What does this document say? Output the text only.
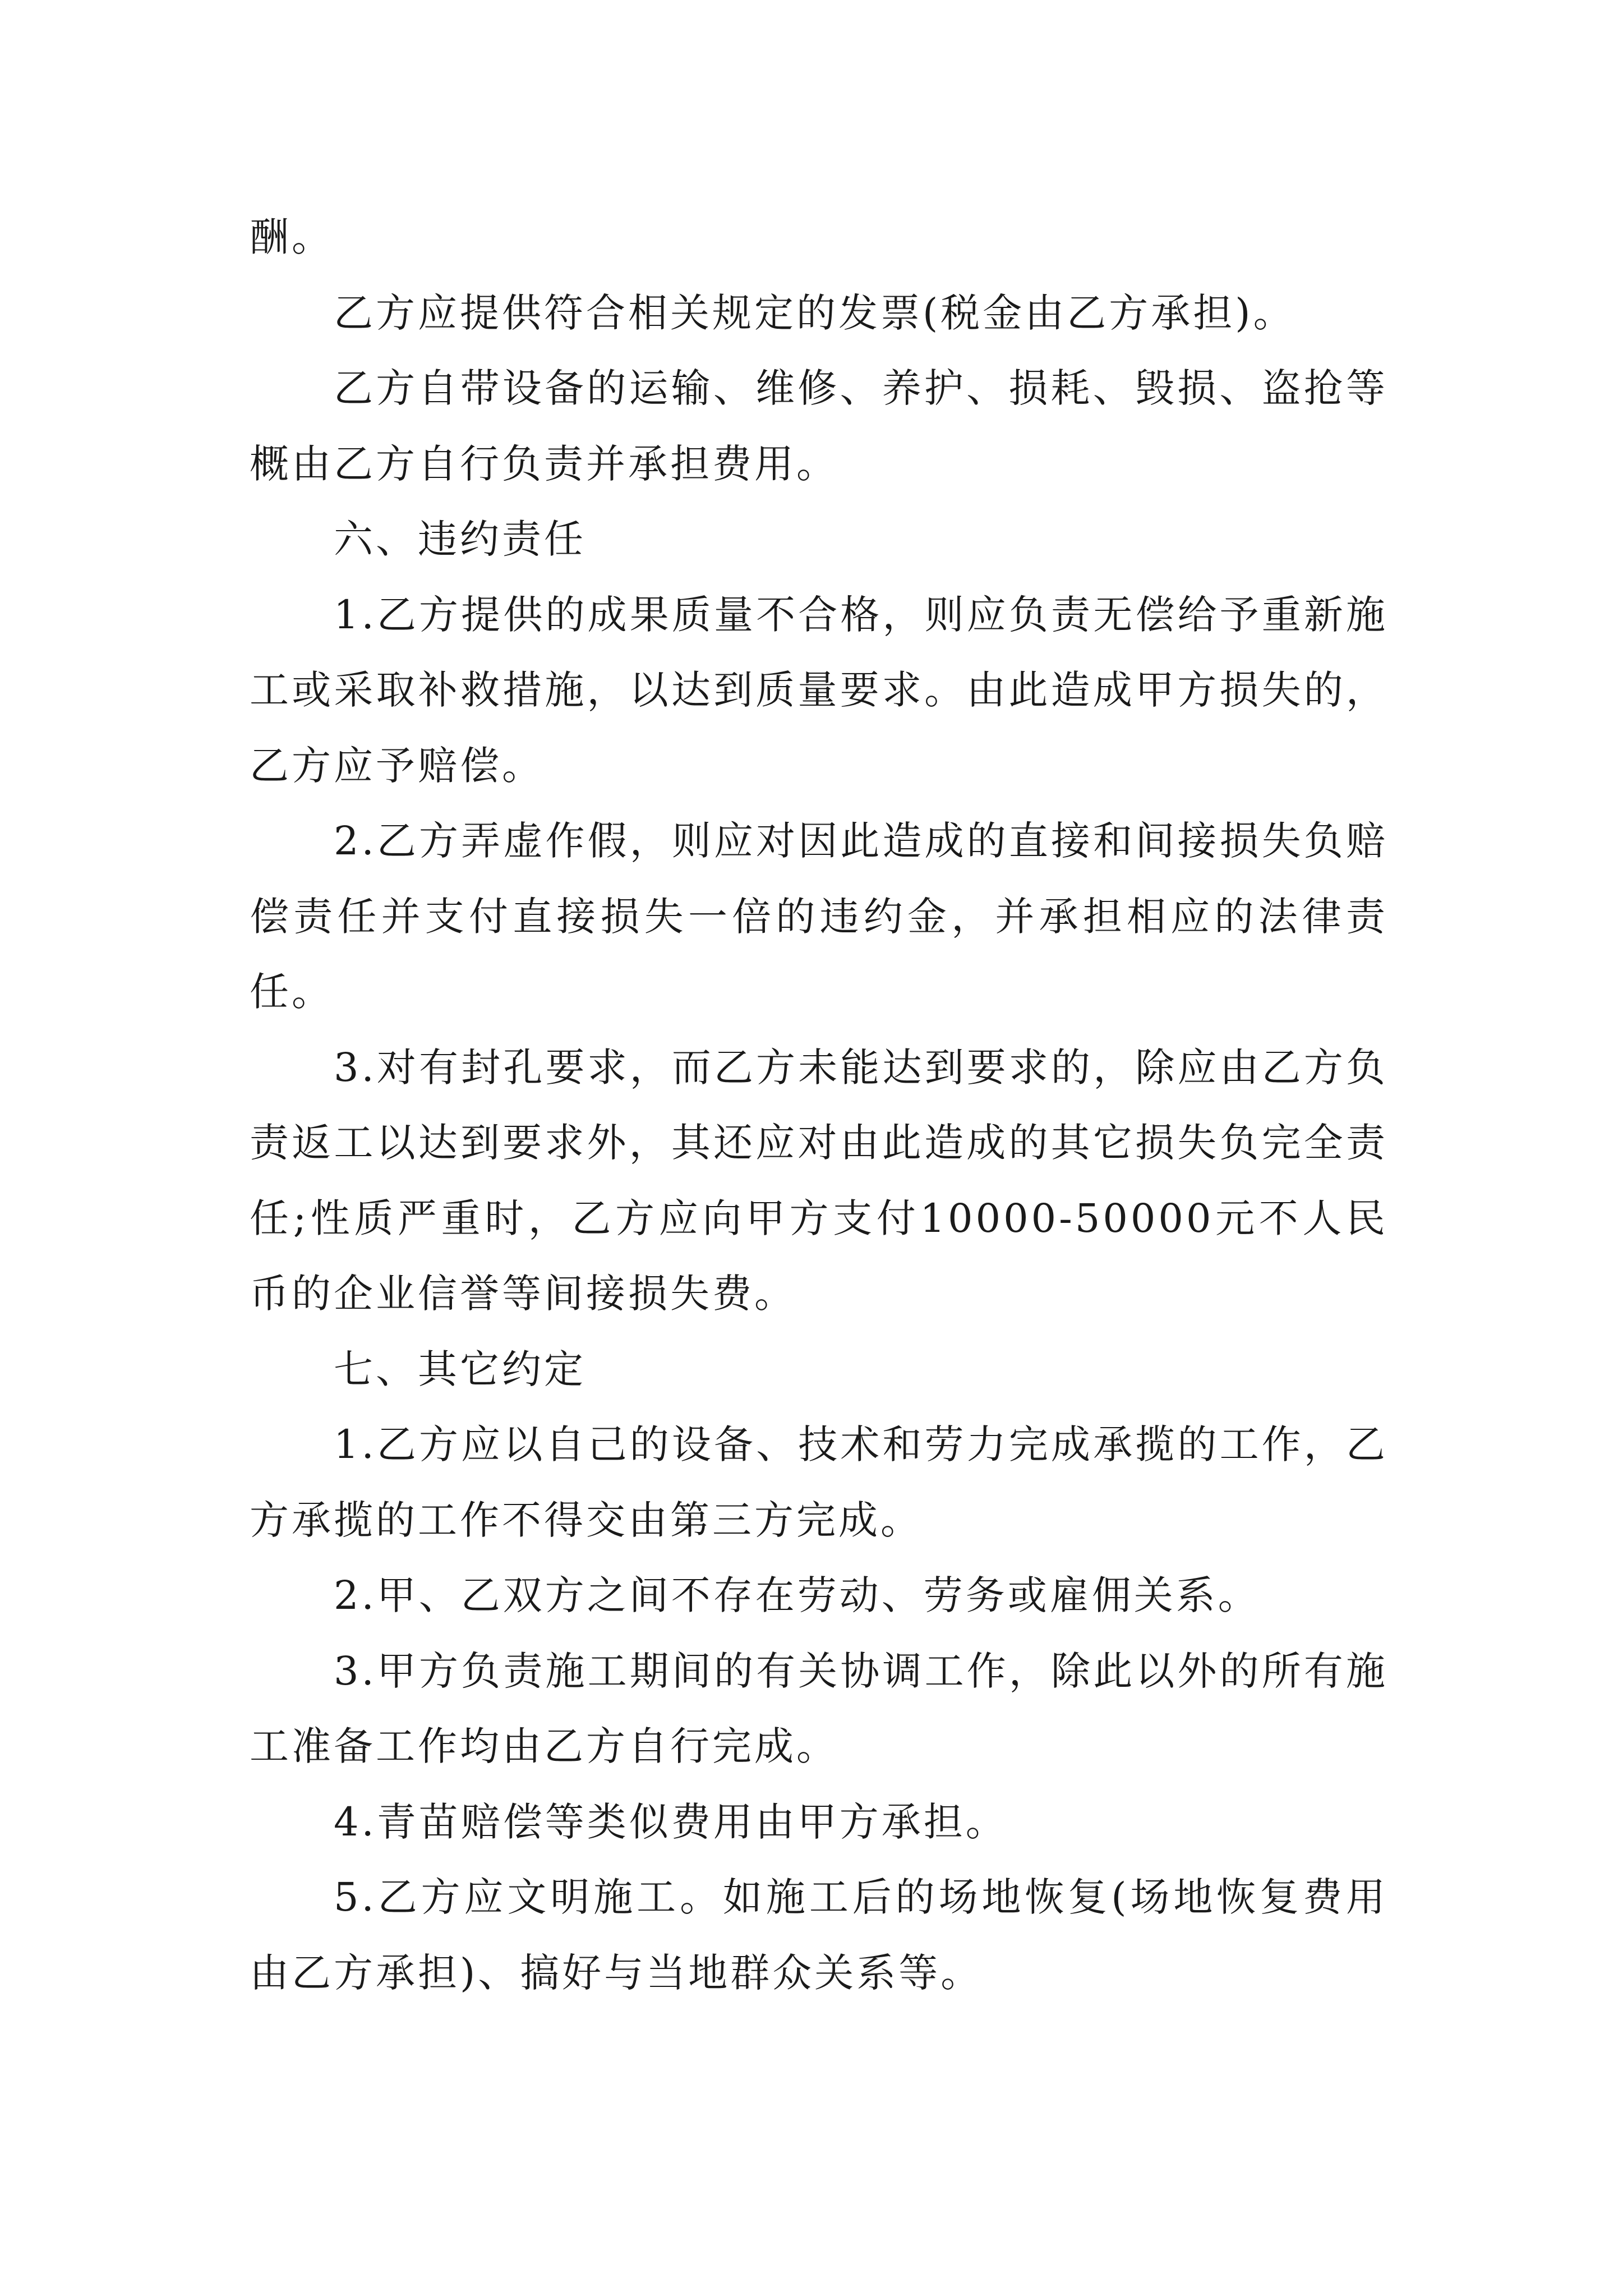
酬。

乙方应提供符合相关规定的发票(税金由乙方承担)。

乙方自带设备的运输、维修、养护、损耗、毁损、盗抢等概由乙方自行负责并承担费用。

六、违约责任

1.乙方提供的成果质量不合格，则应负责无偿给予重新施工或采取补救措施，以达到质量要求。由此造成甲方损失的，乙方应予赔偿。

2.乙方弄虚作假，则应对因此造成的直接和间接损失负赔偿责任并支付直接损失一倍的违约金，并承担相应的法律责任。

3.对有封孔要求，而乙方未能达到要求的，除应由乙方负责返工以达到要求外，其还应对由此造成的其它损失负完全责任;性质严重时，乙方应向甲方支付10000-50000元不人民币的企业信誉等间接损失费。

七、其它约定

1.乙方应以自己的设备、技术和劳力完成承揽的工作，乙方承揽的工作不得交由第三方完成。

2.甲、乙双方之间不存在劳动、劳务或雇佣关系。

3.甲方负责施工期间的有关协调工作，除此以外的所有施工准备工作均由乙方自行完成。

4.青苗赔偿等类似费用由甲方承担。

5.乙方应文明施工。如施工后的场地恢复(场地恢复费用由乙方承担)、搞好与当地群众关系等。
